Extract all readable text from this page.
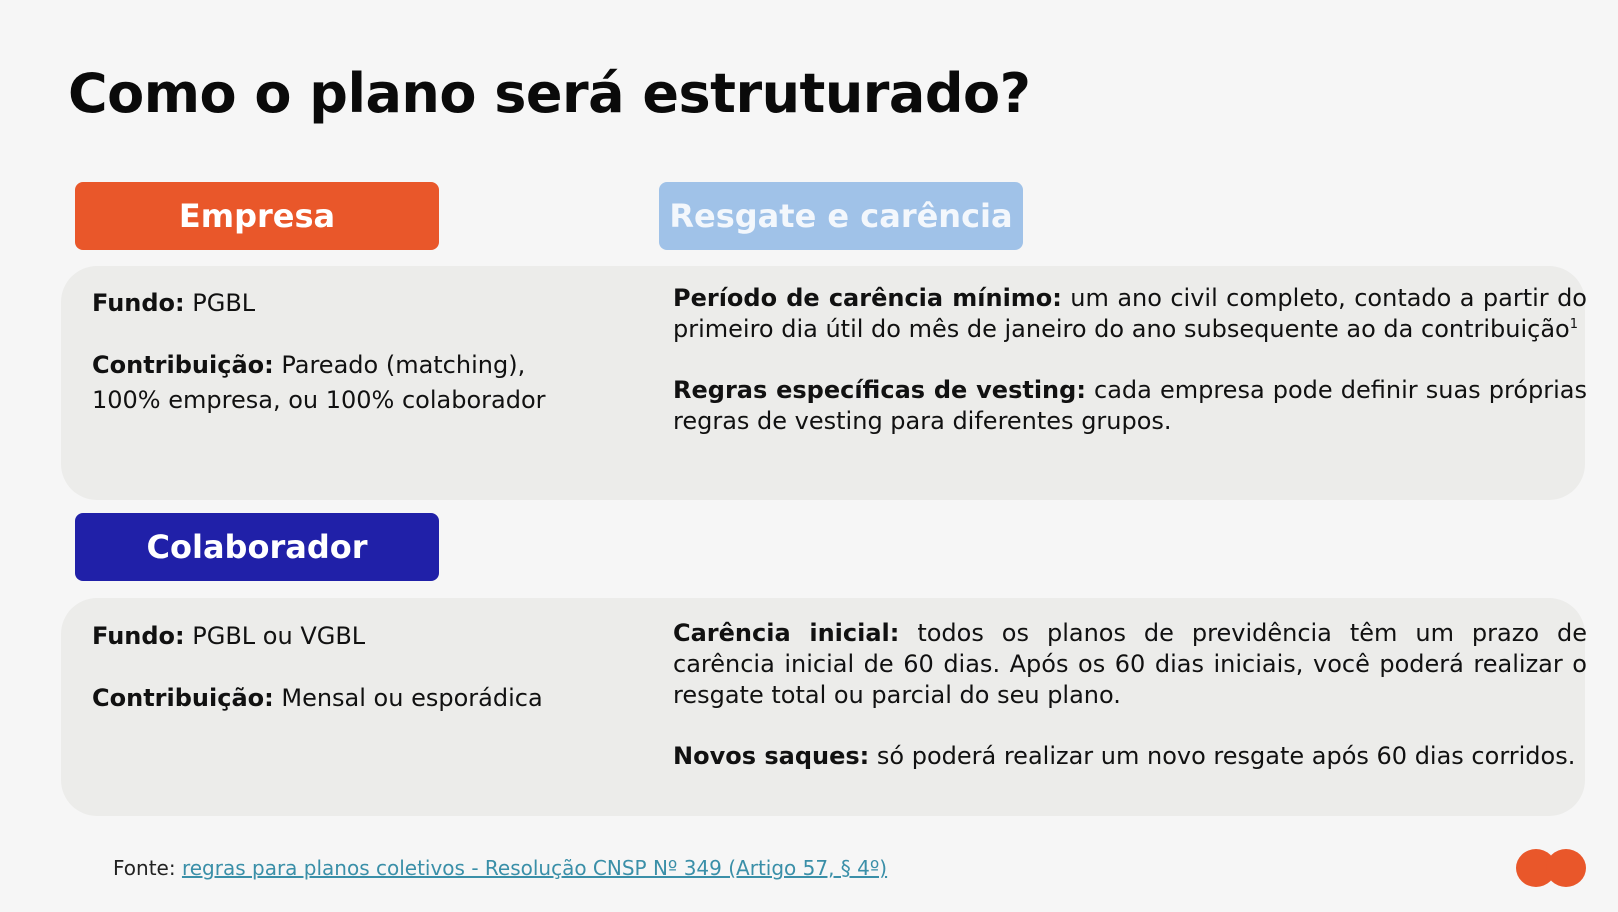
Como o plano será estruturado?
Empresa	Resgate e carência

Fundo: PGBL

Contribuição: Pareado (matching), 100% empresa, ou 100% colaborador

Período de carência mínimo: um ano civil completo, contado a partir do primeiro dia útil do mês de janeiro do ano subsequente ao da contribuição$^1$

Regras específicas de vesting: cada empresa pode definir suas próprias regras de vesting para diferentes grupos.

Colaborador

Fundo: PGBL ou VGBL

Contribuição: Mensal ou esporádica

Carência inicial: todos os planos de previdência têm um prazo de carência inicial de 60 dias. Após os 60 dias iniciais, você poderá realizar o resgate total ou parcial do seu plano.

Novos saques: só poderá realizar um novo resgate após 60 dias corridos.

Fonte: regras para planos coletivos - Resolução CNSP Nº 349 (Artigo 57, § 4º)
